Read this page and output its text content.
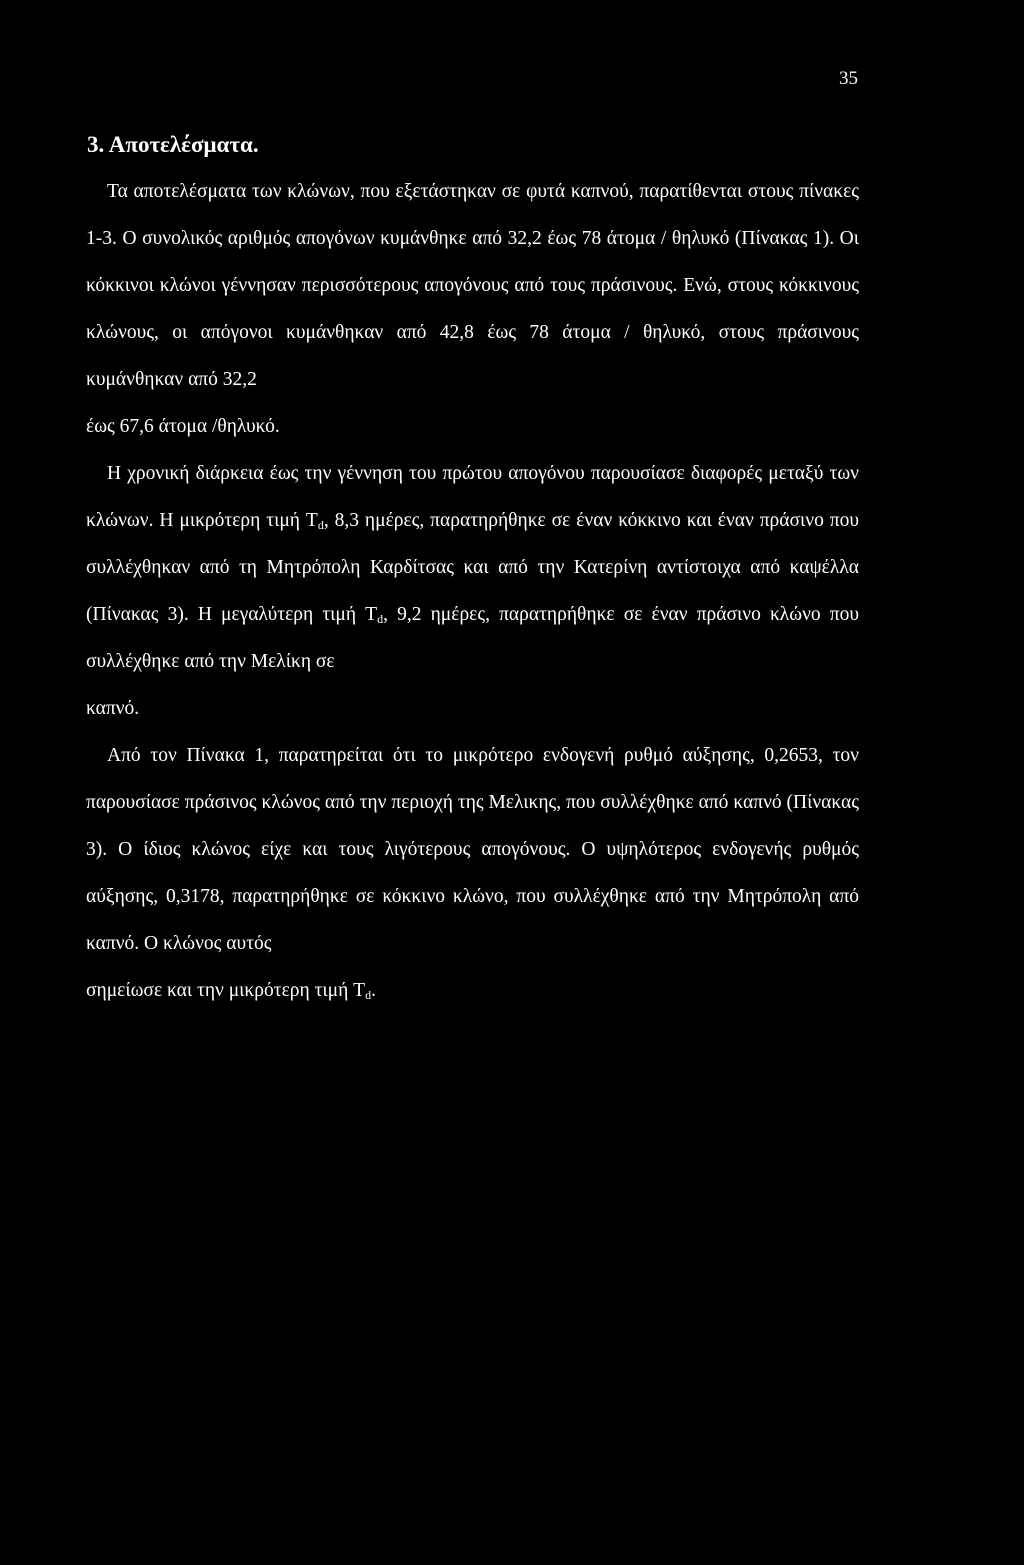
35
3. Αποτελέσματα.

Τα αποτελέσματα των κλώνων, που εξετάστηκαν σε φυτά καπνού, παρατίθενται στους πίνακες 1-3. Ο συνολικός αριθμός απογόνων κυμάνθηκε από 32,2 έως 78 άτομα / θηλυκό (Πίνακας 1). Οι κόκκινοι κλώνοι γέννησαν περισσότερους απογόνους από τους πράσινους. Ενώ, στους κόκκινους κλώνους, οι απόγονοι κυμάνθηκαν από 42,8 έως 78 άτομα / θηλυκό, στους πράσινους κυμάνθηκαν από 32,2
έως 67,6 άτομα /θηλυκό.

Η χρονική διάρκεια έως την γέννηση του πρώτου απογόνου παρουσίασε διαφορές μεταξύ των κλώνων. Η μικρότερη τιμή $T_d$, 8,3 ημέρες, παρατηρήθηκε σε έναν κόκκινο και έναν πράσινο που συλλέχθηκαν από τη Μητρόπολη Καρδίτσας και από την Κατερίνη αντίστοιχα από καψέλλα (Πίνακας 3). Η μεγαλύτερη τιμή $T_d$, 9,2 ημέρες, παρατηρήθηκε σε έναν πράσινο κλώνο που συλλέχθηκε από την Μελίκη σε
καπνό.

Από τον Πίνακα 1, παρατηρείται ότι το μικρότερο ενδογενή ρυθμό αύξησης, 0,2653, τον παρουσίασε πράσινος κλώνος από την περιοχή της Μελικης, που συλλέχθηκε από καπνό (Πίνακας 3). Ο ίδιος κλώνος είχε και τους λιγότερους απογόνους. Ο υψηλότερος ενδογενής ρυθμός αύξησης, 0,3178, παρατηρήθηκε σε κόκκινο κλώνο, που συλλέχθηκε από την Μητρόπολη από καπνό. Ο κλώνος αυτός
σημείωσε και την μικρότερη τιμή $T_d$.
